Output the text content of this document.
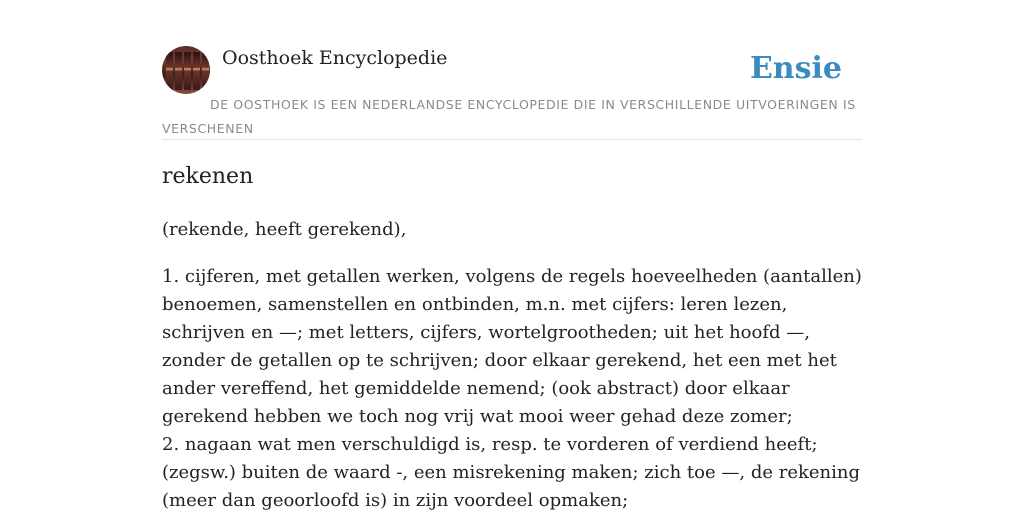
Oosthoek Encyclopedie	Ensie
DE OOSTHOEK IS EEN NEDERLANDSE ENCYCLOPEDIE DIE IN VERSCHILLENDE UITVOERINGEN IS VERSCHENEN
rekenen

(rekende, heeft gerekend),

1. cijferen, met getallen werken, volgens de regels hoeveelheden (aantallen) benoemen, samenstellen en ontbinden, m.n. met cijfers: leren lezen, schrijven en —; met letters, cijfers, wortelgrootheden; uit het hoofd —, zonder de getallen op te schrijven; door elkaar gerekend, het een met het ander vereffend, het gemiddelde nemend; (ook abstract) door elkaar gerekend hebben we toch nog vrij wat mooi weer gehad deze zomer;
2. nagaan wat men verschuldigd is, resp. te vorderen of verdiend heeft; (zegsw.) buiten de waard -, een misrekening maken; zich toe —, de rekening (meer dan geoorloofd is) in zijn voordeel opmaken;
